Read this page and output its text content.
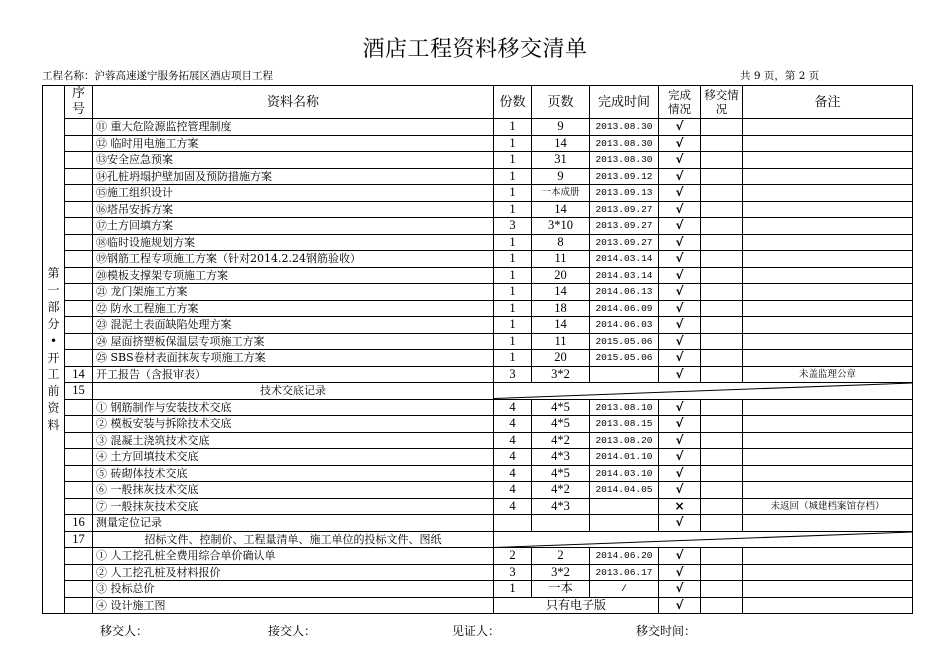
酒店工程资料移交清单
工程名称：沪蓉高速遂宁服务拓展区酒店项目工程	共 9 页，第 2 页
第一部分•开工前资料	序号	资料名称	份数	页数	完成时间	完成情况	移交情况	备注
		⑪ 重大危险源监控管理制度	1	9	2013.08.30	√		
		⑫ 临时用电施工方案	1	14	2013.08.30	√		
		⑬安全应急预案	1	31	2013.08.30	√		
		⑭孔桩坍塌护壁加固及预防措施方案	1	9	2013.09.12	√		
		⑮施工组织设计	1	一本成册	2013.09.13	√		
		⑯塔吊安拆方案	1	14	2013.09.27	√		
		⑰土方回填方案	3	3*10	2013.09.27	√		
		⑱临时设施规划方案	1	8	2013.09.27	√		
		⑲钢筋工程专项施工方案（针对2014.2.24钢筋验收）	1	11	2014.03.14	√		
		⑳模板支撑架专项施工方案	1	20	2014.03.14	√		
		㉑ 龙门架施工方案	1	14	2014.06.13	√		
		㉒ 防水工程施工方案	1	18	2014.06.09	√		
		㉓ 混泥土表面缺陷处理方案	1	14	2014.06.03	√		
		㉔ 屋面挤塑板保温层专项施工方案	1	11	2015.05.06	√		
		㉕ SBS卷材表面抹灰专项施工方案	1	20	2015.05.06	√		
	14	开工报告（含报审表）	3	3*2		√		未盖监理公章
	15	技术交底记录	

		① 钢筋制作与安装技术交底	4	4*5	2013.08.10	√		
		② 模板安装与拆除技术交底	4	4*5	2013.08.15	√		
		③ 混凝土浇筑技术交底	4	4*2	2013.08.20	√		
		④ 土方回填技术交底	4	4*3	2014.01.10	√		
		⑤ 砖砌体技术交底	4	4*5	2014.03.10	√		
		⑥ 一般抹灰技术交底	4	4*2	2014.04.05	√		
		⑦ 一般抹灰技术交底	4	4*3		×		未返回（城建档案馆存档）
	16	测量定位记录				√		
	17	招标文件、控制价、工程量清单、施工单位的投标文件、图纸	

		① 人工挖孔桩全费用综合单价确认单	2	2	2014.06.20	√		
		② 人工挖孔桩及材料报价	3	3*2	2013.06.17	√		
		③ 投标总价	1	一本	/	√		
		④ 设计施工图	只有电子版			√		
移交人：	接交人：	见证人：	移交时间：
